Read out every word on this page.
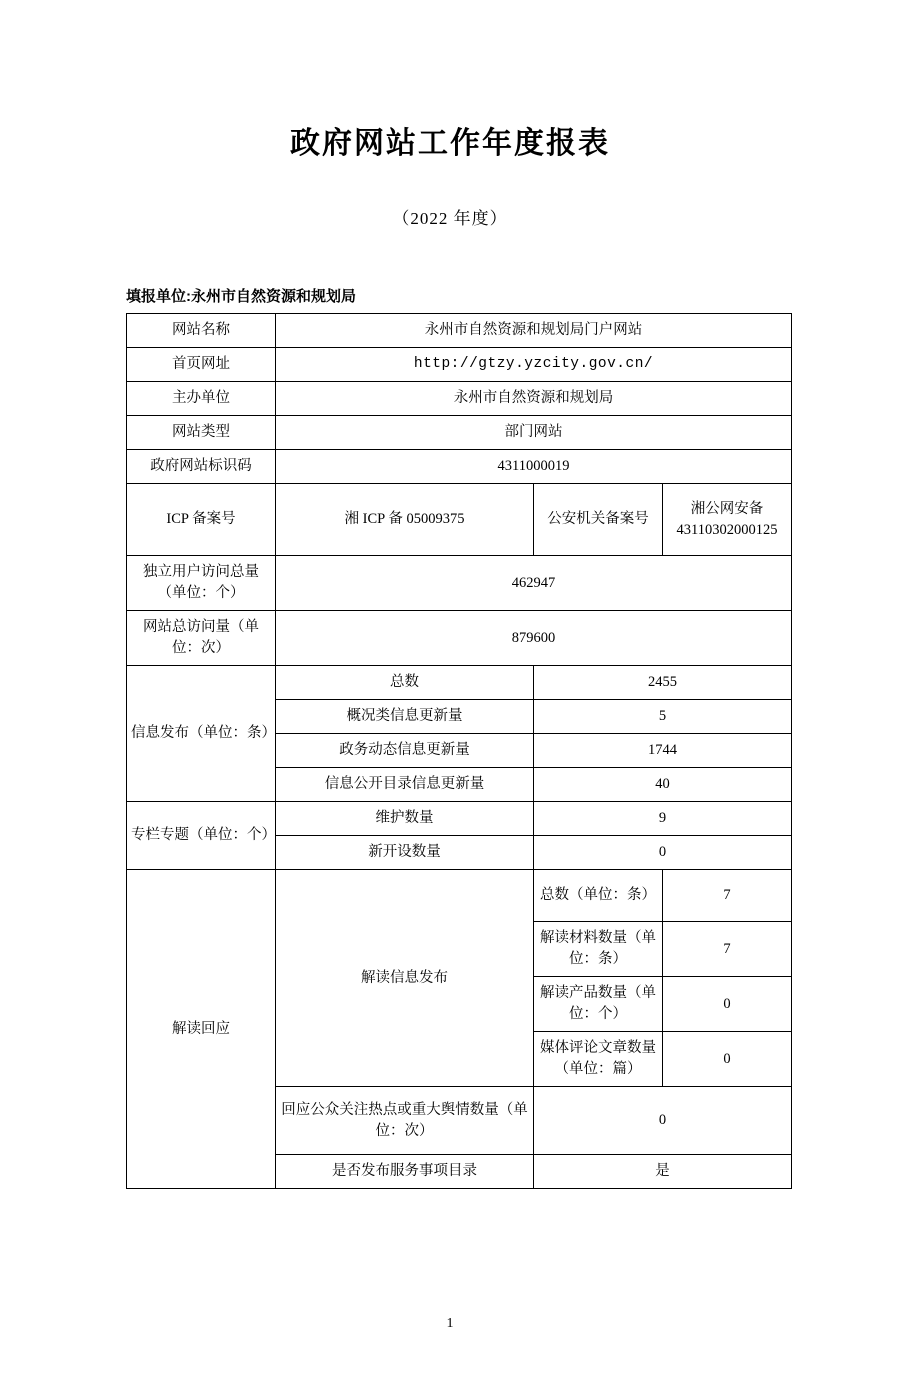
政府网站工作年度报表
（2022 年度）
填报单位:永州市自然资源和规划局
网站名称	永州市自然资源和规划局门户网站		
首页网址	http://gtzy.yzcity.gov.cn/		
主办单位	永州市自然资源和规划局		
网站类型	部门网站		
政府网站标识码	4311000019		
ICP 备案号	湘 ICP 备 05009375	公安机关备案号	湘公网安备 43110302000125
独立用户访问总量（单位：个）	462947		
网站总访问量（单位：次）	879600		
信息发布（单位：条）	总数	2455	
	概况类信息更新量	5	
	政务动态信息更新量	1744	
	信息公开目录信息更新量	40	
专栏专题（单位：个）	维护数量	9	
	新开设数量	0	
解读回应	解读信息发布	总数（单位：条）	7
		解读材料数量（单位：条）	7
		解读产品数量（单位：个）	0
		媒体评论文章数量（单位：篇）	0
	回应公众关注热点或重大舆情数量（单位：次）	0	
	是否发布服务事项目录	是	
1
